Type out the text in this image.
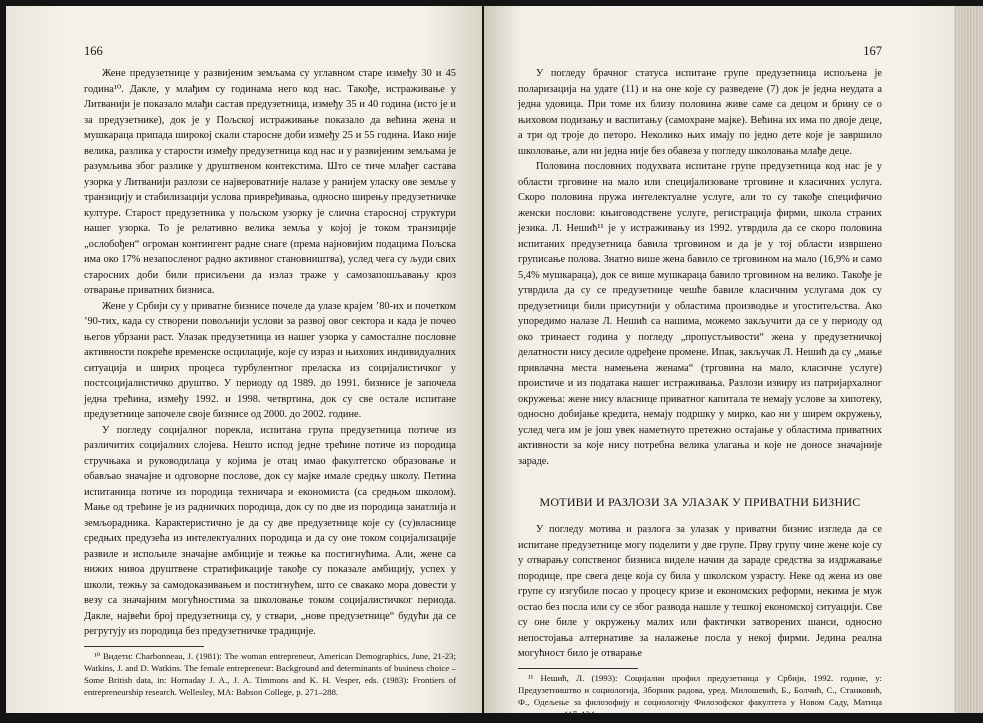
166

Жене предузетнице у развијеним земљама су углавном старе између 30 и 45 година¹⁰. Дакле, у млађим су годинама него код нас. Такође, истраживање у Литванији је показало млађи састав предузетница, између 35 и 40 година (исто је и за предузетнике), док је у Пољској истраживање показало да већина жена и мушкараца припада широкој скали старосне доби између 25 и 55 година. Иако није велика, разлика у старости између предузетница код нас и у развијеним земљама је разумљива због разлике у друштвеном контекстима. Што се тиче млађег састава узорка у Литванији разлози се највероватније налазе у ранијем уласку ове земље у транзицију и стабилизацији услова привређивања, односно ширењу предузетничке културе. Старост предузетника у пољском узорку је слична старосној структури нашег узорка. То је релативно велика земља у којој је током транзиције „ослобођен“ огроман контингент радне снаге (према најновијим подацима Пољска има око 17% незапосленог радно активног становништва), услед чега су људи свих старосних доби били присиљени да излаз траже у самозапошљавању кроз отварање приватних бизниса.

Жене у Србији су у приватне бизнисе почеле да улазе крајем ’80-их и почетком ’90-тих, када су створени повољнији услови за развој овог сектора и када је почео његов убрзани раст. Улазак предузетница из нашег узорка у самосталне пословне активности покреће временске осцилације, које су израз и њихових индивидуалних ситуација и ширих процеса турбулентног преласка из социјалистичког у постсоцијалистичко друштво. У периоду од 1989. до 1991. бизнисе је започела једна трећина, између 1992. и 1998. четвртина, док су све остале испитане предузетнице започеле своје бизнисе од 2000. до 2002. године.

У погледу социјалног порекла, испитана група предузетница потиче из различитих социјалних слојева. Нешто испод једне трећине потиче из породица стручњака и руководилаца у којима је отац имао факултетско образовање и обављао значајне и одговорне послове, док су мајке имале средњу школу. Петина испитаница потиче из породица техничара и економиста (са средњом школом). Мање од трећине је из радничких породица, док су по две из породица занатлија и земљорадника. Карактеристично је да су две предузетнице које су (су)власнице средњих предузећа из интелектуалних породица и да су оне током социјализације развиле и испољиле значајне амбиције и тежње ка постигнућима. Али, жене са нижих нивоа друштвене стратификације такође су показале амбицију, успех у школи, тежњу за самодоказивањем и постигнућем, што се свакако мора довести у везу са значајним могућностима за школовање током социјалистичког периода. Дакле, највећи број предузетница су, у ствари, „нове предузетнице“ будући да се регрутују из породица без предузетничке традиције.

¹⁰ Видети: Charbonneau, J. (1981): The woman entrepreneur, American Demographics, June, 21-23; Watkins, J. and D. Watkins. The female entrepreneur: Background and determinants of business choice – Some British data, in: Hornaday J. A., J. A. Timmons and K. H. Vesper, eds. (1983): Frontiers of entrepreneurship research. Wellesley, MA: Babson College, p. 271–288.

167

У погледу брачног статуса испитане групе предузетница испољена је поларизација на удате (11) и на оне које су разведене (7) док је једна неудата а једна удовица. При томе их близу половина живе саме са децом и брину се о њиховом подизању и васпитању (самохране мајке). Већина их има по двоје деце, а три од троје до петоро. Неколико њих имају по једно дете које је завршило школовање, али ни једна није без обавеза у погледу школовања млађе деце.

Половина пословних подухвата испитане групе предузетница код нас је у области трговине на мало или специјализоване трговине и класичних услуга. Скоро половина пружа интелектуалне услуге, али то су такође специфично женски послови: књиговодствене услуге, регистрација фирми, школа страних језика. Л. Нешић¹¹ је у истраживању из 1992. утврдила да се скоро половина испитаних предузетница бавила трговином и да је у тој области извршено груписање полова. Знатно више жена бавило се трговином на мало (16,9% и само 5,4% мушкараца), док се више мушкараца бавило трговином на велико. Такође је утврдила да су се предузетнице чешће бавиле класичним услугама док су предузетници били присутнији у областима производње и угоститељства. Ако упоредимо налазе Л. Нешић са нашима, можемо закључити да се у периоду од око тринаест година у погледу „пропустљивости“ жена у предузетничкој делатности нису десиле одређене промене. Ипак, закључак Л. Нешић да су „мање привлачна места намењена женама“ (трговина на мало, класичне услуге) проистиче и из података нашег истраживања. Разлози извиру из патријархалног окружења: жене нису власнице приватног капитала те немају услове за хипотеку, односно добијање кредита, немају подршку у мирко, као ни у ширем окружењу, услед чега им је још увек наметнуто претежно остајање у областима приватних активности за које нису потребна велика улагања и које не доносе значајније зараде.

МОТИВИ И РАЗЛОЗИ ЗА УЛАЗАК У ПРИВАТНИ БИЗНИС

У погледу мотива и разлога за улазак у приватни бизнис изгледа да се испитане предузетнице могу поделити у две групе. Прву групу чине жене које су у отварању сопственог бизниса виделе начин да зараде средства за издржавање породице, пре свега деце која су била у школском узрасту. Неке од жена из ове групе су изгубиле посао у процесу кризе и економских реформи, некима је муж остао без посла или су се због развода нашле у тешкој економској ситуацији. Све су оне биле у окружењу малих или фактички затворених шанси, односно непостојања алтернативе за налажење посла у некој фирми. Једина реална могућност било је отварање

¹¹ Нешић, Л. (1993): Социјални профил предузетница у Србији, 1992. године, у: Предузетништво и социологија, Зборник радова, уред. Милошевић, Б., Болчић, С., Станковић, Ф., Одељење за филозофију и социологију Филозофског факултета у Новом Саду, Матица српска, стр. 117–124.
